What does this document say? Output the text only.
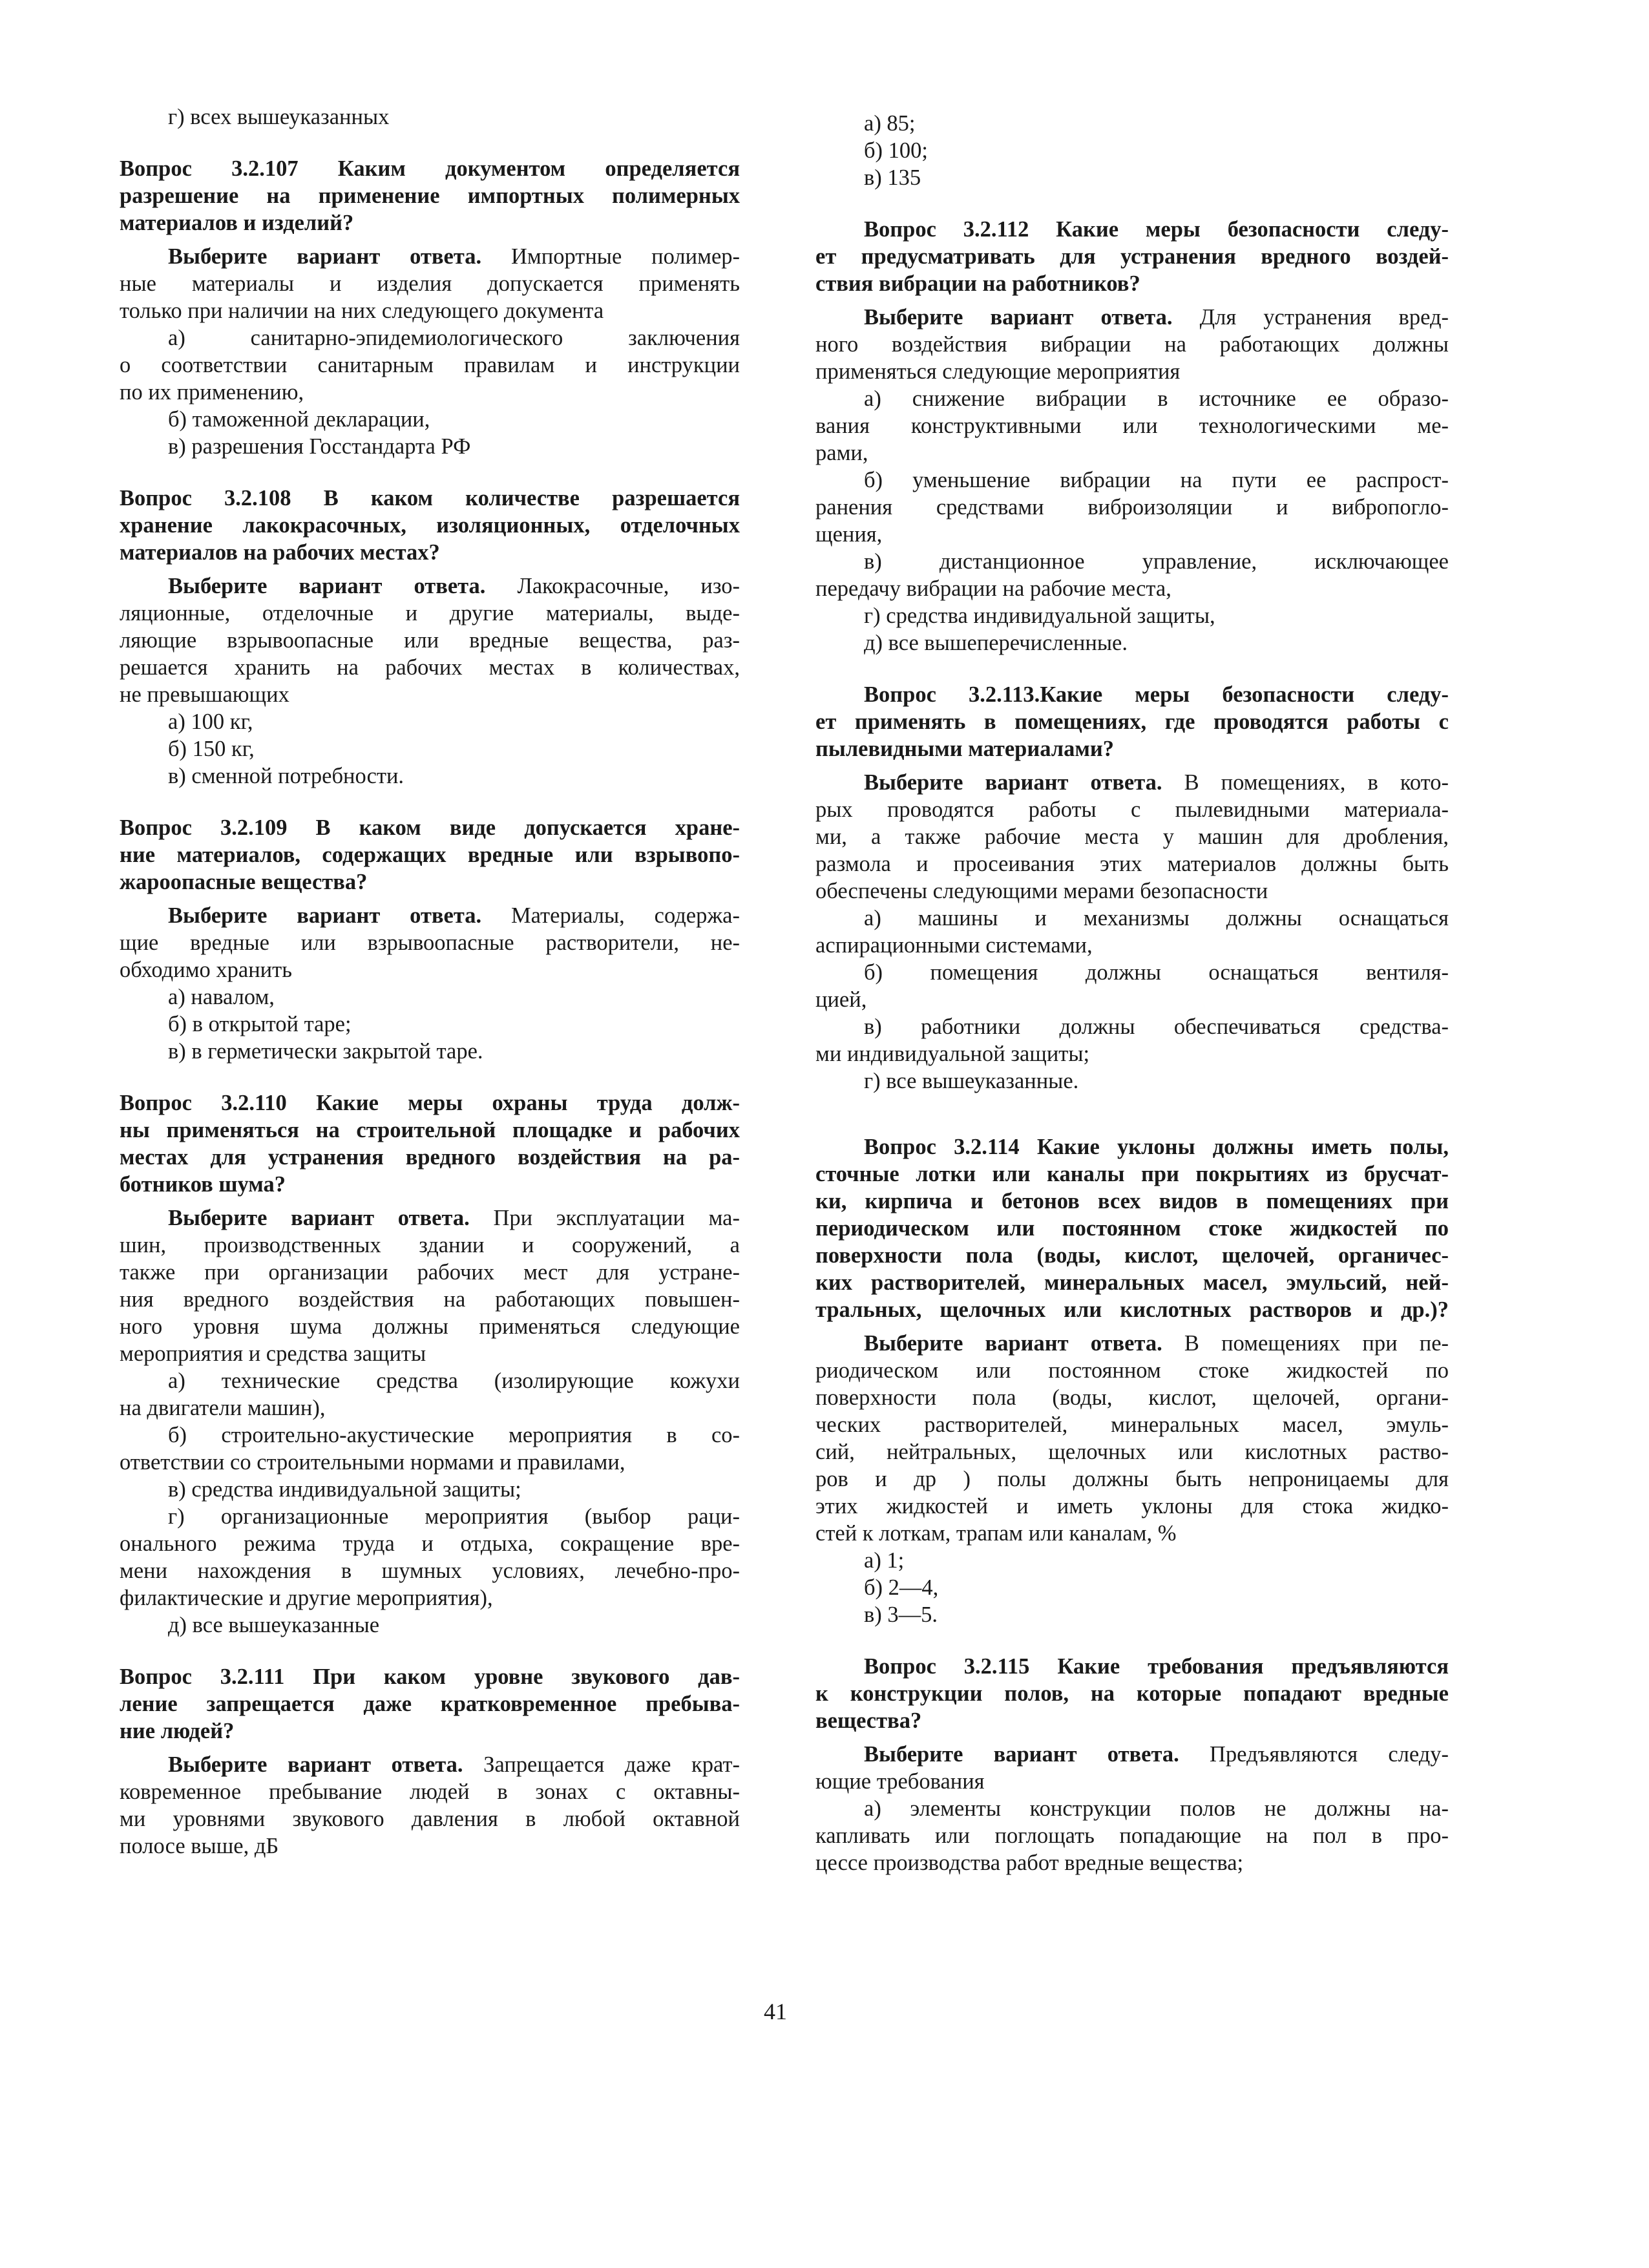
г) всех вышеуказанных

Вопрос 3.2.107 Каким документом определяется

разрешение на применение импортных полимерных

материалов и изделий?

Выберите вариант ответа. Импортные полимер-

ные материалы и изделия допускается применять

только при наличии на них следующего документа

а) санитарно-эпидемиологического заключения

о соответствии санитарным правилам и инструкции

по их применению,

б) таможенной декларации,

в) разрешения Госстандарта РФ

Вопрос 3.2.108 В каком количестве разрешается

хранение лакокрасочных, изоляционных, отделочных

материалов на рабочих местах?

Выберите вариант ответа. Лакокрасочные, изо-

ляционные, отделочные и другие материалы, выде-

ляющие взрывоопасные или вредные вещества, раз-

решается хранить на рабочих местах в количествах,

не превышающих

а) 100 кг,

б) 150 кг,

в) сменной потребности.

Вопрос 3.2.109 В каком виде допускается хране-

ние материалов, содержащих вредные или взрывопо-

жароопасные вещества?

Выберите вариант ответа. Материалы, содержа-

щие вредные или взрывоопасные растворители, не-

обходимо хранить

а) навалом,

б) в открытой таре;

в) в герметически закрытой таре.

Вопрос 3.2.110 Какие меры охраны труда долж-

ны применяться на строительной площадке и рабочих

местах для устранения вредного воздействия на ра-

ботников шума?

Выберите вариант ответа. При эксплуатации ма-

шин, производственных здании и сооружений, а

также при организации рабочих мест для устране-

ния вредного воздействия на работающих повышен-

ного уровня шума должны применяться следующие

мероприятия и средства защиты

а) технические средства (изолирующие кожухи

на двигатели машин),

б) строительно-акустические мероприятия в со-

ответствии со строительными нормами и правилами,

в) средства индивидуальной защиты;

г) организационные мероприятия (выбор раци-

онального режима труда и отдыха, сокращение вре-

мени нахождения в шумных условиях, лечебно-про-

филактические и другие мероприятия),

д) все вышеуказанные

Вопрос 3.2.111 При каком уровне звукового дав-

ление запрещается даже кратковременное пребыва-

ние людей?

Выберите вариант ответа. Запрещается даже крат-

ковременное пребывание людей в зонах с октавны-

ми уровнями звукового давления в любой октавной

полосе выше, дБ

а) 85;

б) 100;

в) 135

Вопрос 3.2.112 Какие меры безопасности следу-

ет предусматривать для устранения вредного воздей-

ствия вибрации на работников?

Выберите вариант ответа. Для устранения вред-

ного воздействия вибрации на работающих должны

применяться следующие мероприятия

а) снижение вибрации в источнике ее образо-

вания конструктивными или технологическими ме-

рами,

б) уменьшение вибрации на пути ее распрост-

ранения средствами виброизоляции и вибропогло-

щения,

в) дистанционное управление, исключающее

передачу вибрации на рабочие места,

г) средства индивидуальной защиты,

д) все вышеперечисленные.

Вопрос 3.2.113.Какие меры безопасности следу-

ет применять в помещениях, где проводятся работы с

пылевидными материалами?

Выберите вариант ответа. В помещениях, в кото-

рых проводятся работы с пылевидными материала-

ми, а также рабочие места у машин для дробления,

размола и просеивания этих материалов должны быть

обеспечены следующими мерами безопасности

а) машины и механизмы должны оснащаться

аспирационными системами,

б) помещения должны оснащаться вентиля-

цией,

в) работники должны обеспечиваться средства-

ми индивидуальной защиты;

г) все вышеуказанные.

Вопрос 3.2.114 Какие уклоны должны иметь полы,

сточные лотки или каналы при покрытиях из брусчат-

ки, кирпича и бетонов всех видов в помещениях при

периодическом или постоянном стоке жидкостей по

поверхности пола (воды, кислот, щелочей, органичес-

ких растворителей, минеральных масел, эмульсий, ней-

тральных, щелочных или кислотных растворов и др.)?

Выберите вариант ответа. В помещениях при пе-

риодическом или постоянном стоке жидкостей по

поверхности пола (воды, кислот, щелочей, органи-

ческих растворителей, минеральных масел, эмуль-

сий, нейтральных, щелочных или кислотных раство-

ров и др ) полы должны быть непроницаемы для

этих жидкостей и иметь уклоны для стока жидко-

стей к лоткам, трапам или каналам, %

а) 1;

б) 2—4,

в) 3—5.

Вопрос 3.2.115 Какие требования предъявляются

к конструкции полов, на которые попадают вредные

вещества?

Выберите вариант ответа. Предъявляются следу-

ющие требования

а) элементы конструкции полов не должны на-

капливать или поглощать попадающие на пол в про-

цессе производства работ вредные вещества;

41
